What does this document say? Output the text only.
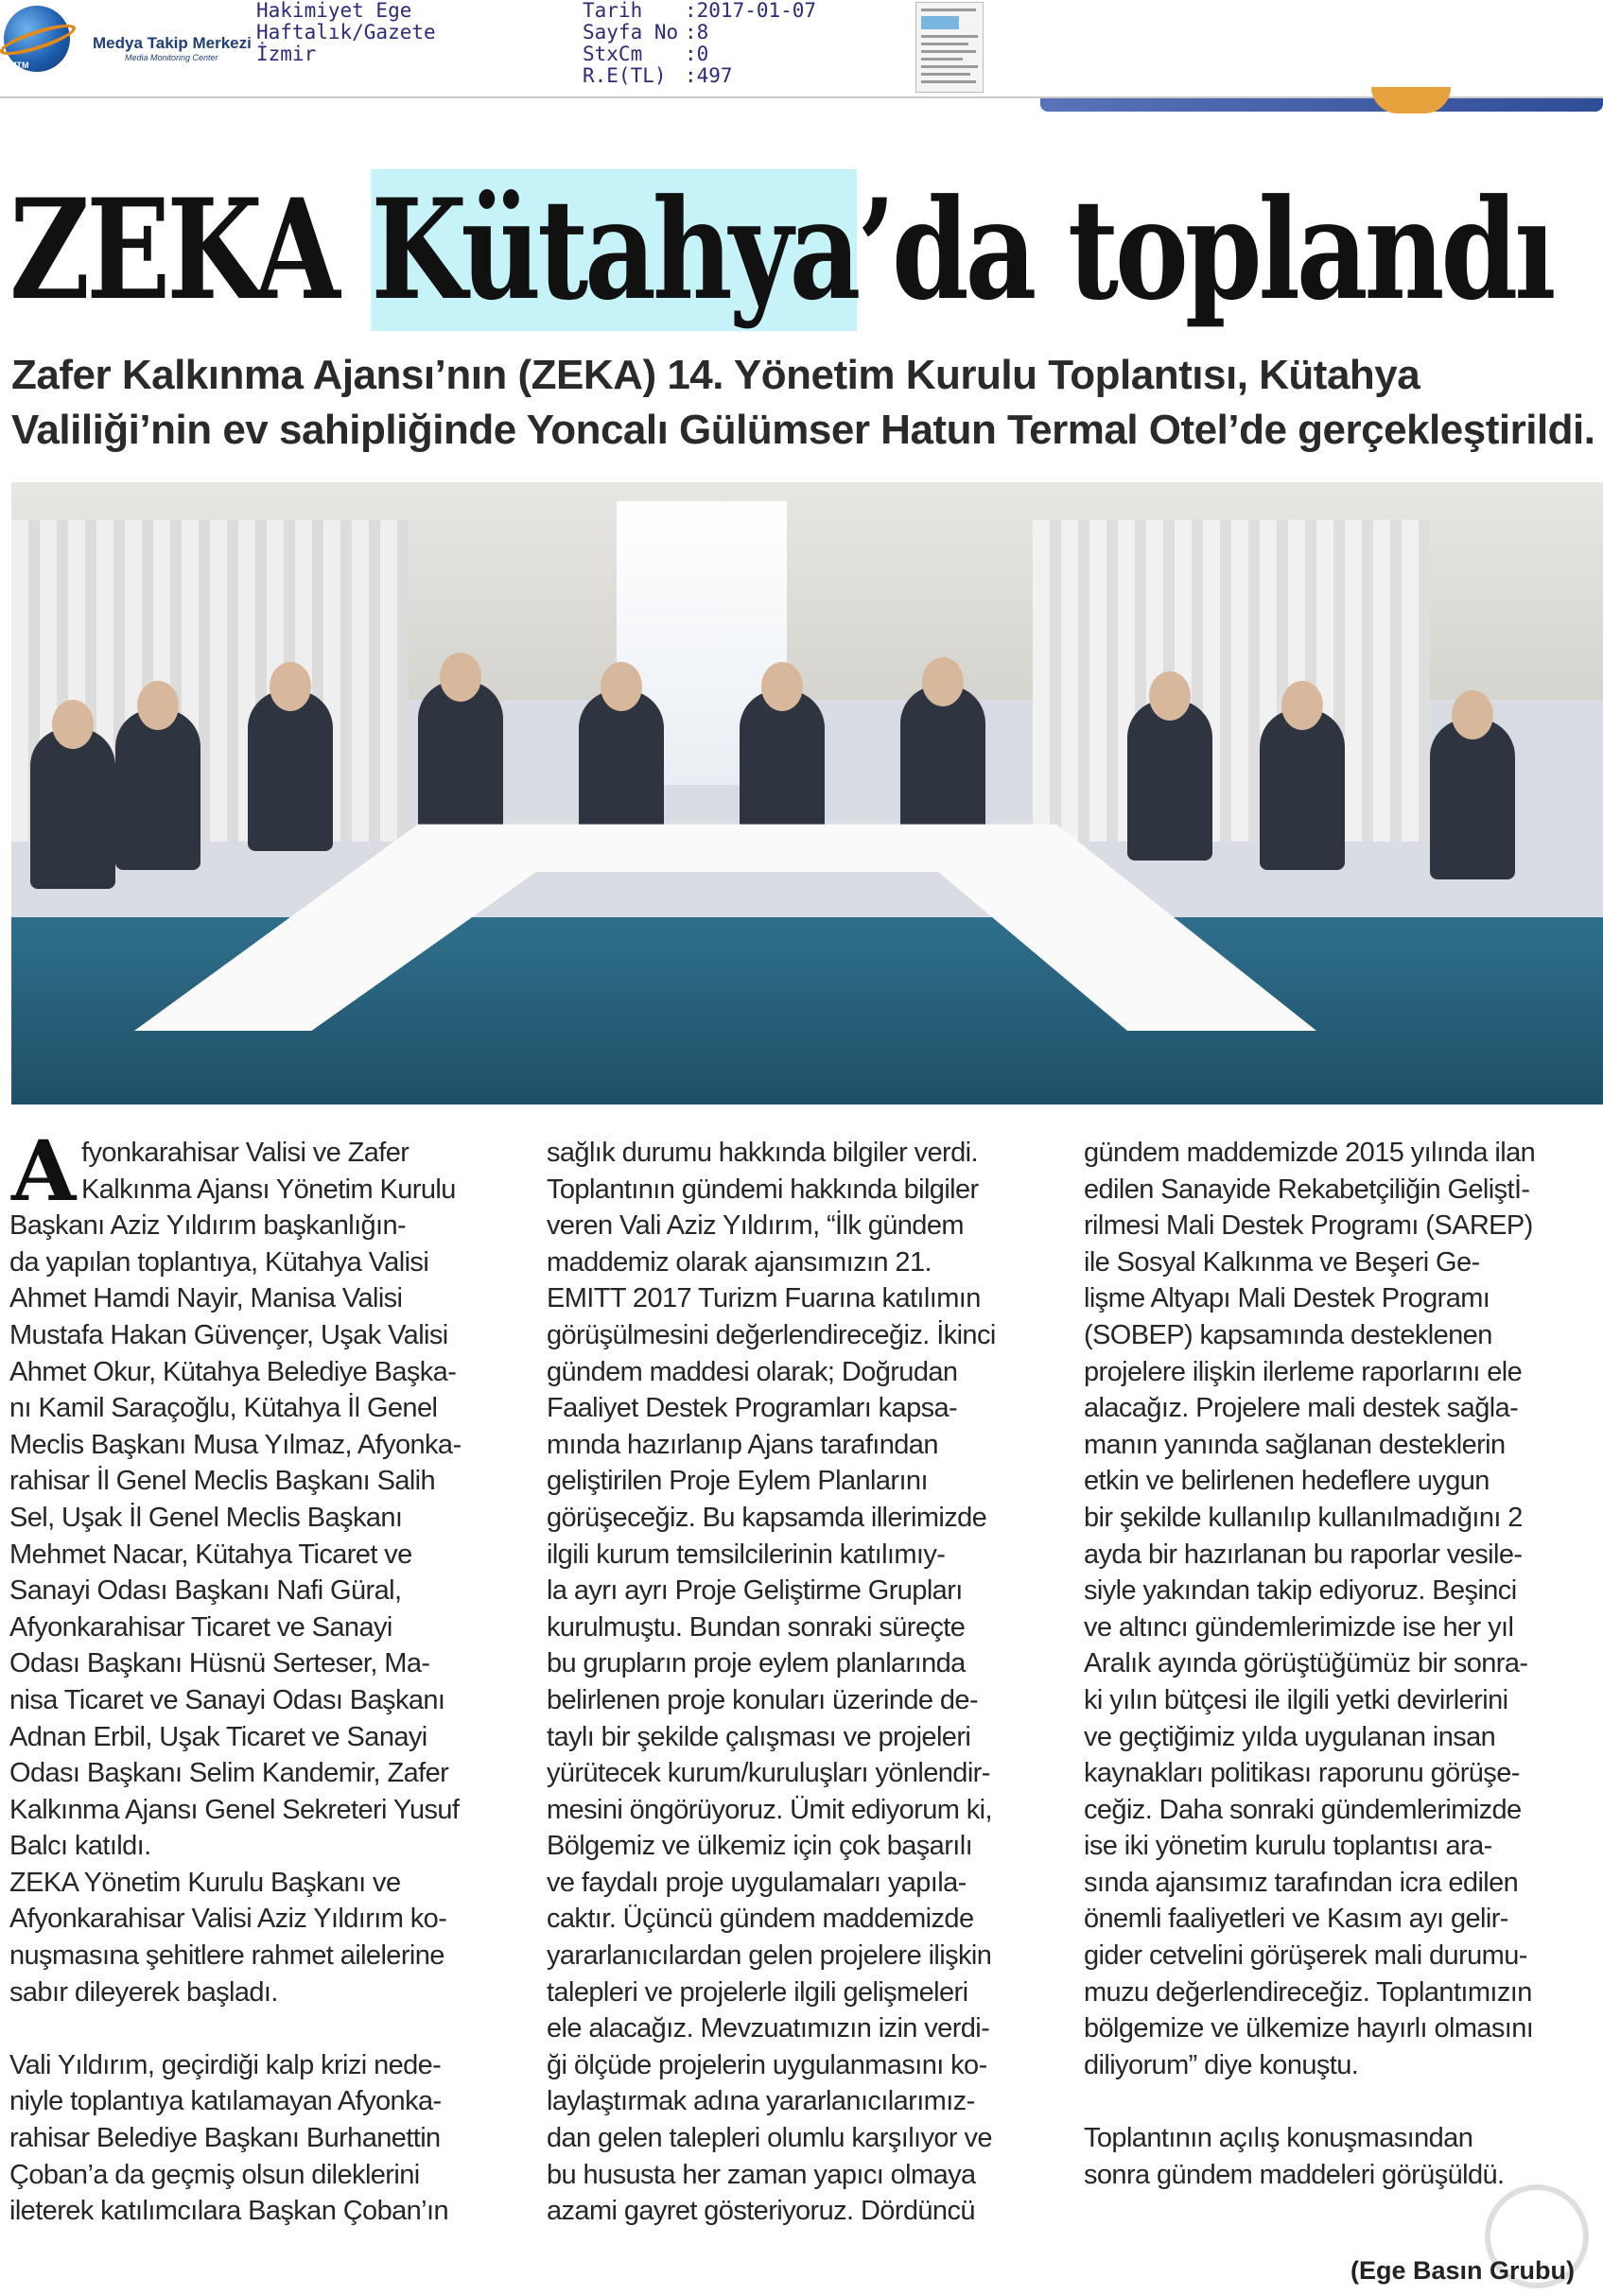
MTM
Medya Takip Merkezi
Media Monitoring Center
Hakimiyet Ege
Haftalık/Gazete
İzmir
Tarih	:2017-01-07
Sayfa No :8
StxCm	:0
R.E(TL) :497
ZEKA Kütahya’da toplandı
Zafer Kalkınma Ajansı’nın (ZEKA) 14. Yönetim Kurulu Toplantısı, Kütahya
Valiliği’nin ev sahipliğinde Yoncalı Gülümser Hatun Termal Otel’de gerçekleştirildi.
A fyonkarahisar Valisi ve Zafer
Kalkınma Ajansı Yönetim Kurulu
Başkanı Aziz Yıldırım başkanlığın-
da yapılan toplantıya, Kütahya Valisi
Ahmet Hamdi Nayir, Manisa Valisi
Mustafa Hakan Güvençer, Uşak Valisi
Ahmet Okur, Kütahya Belediye Başka-
nı Kamil Saraçoğlu, Kütahya İl Genel
Meclis Başkanı Musa Yılmaz, Afyonka-
rahisar İl Genel Meclis Başkanı Salih
Sel, Uşak İl Genel Meclis Başkanı
Mehmet Nacar, Kütahya Ticaret ve
Sanayi Odası Başkanı Nafi Güral,
Afyonkarahisar Ticaret ve Sanayi
Odası Başkanı Hüsnü Serteser, Ma-
nisa Ticaret ve Sanayi Odası Başkanı
Adnan Erbil, Uşak Ticaret ve Sanayi
Odası Başkanı Selim Kandemir, Zafer
Kalkınma Ajansı Genel Sekreteri Yusuf
Balcı katıldı.
ZEKA Yönetim Kurulu Başkanı ve
Afyonkarahisar Valisi Aziz Yıldırım ko-
nuşmasına şehitlere rahmet ailelerine
sabır dileyerek başladı.
Vali Yıldırım, geçirdiği kalp krizi nede-
niyle toplantıya katılamayan Afyonka-
rahisar Belediye Başkanı Burhanettin
Çoban’a da geçmiş olsun dileklerini
ileterek katılımcılara Başkan Çoban’ın
sağlık durumu hakkında bilgiler verdi.
Toplantının gündemi hakkında bilgiler
veren Vali Aziz Yıldırım, “İlk gündem
maddemiz olarak ajansımızın 21.
EMITT 2017 Turizm Fuarına katılımın
görüşülmesini değerlendireceğiz. İkinci
gündem maddesi olarak; Doğrudan
Faaliyet Destek Programları kapsa-
mında hazırlanıp Ajans tarafından
geliştirilen Proje Eylem Planlarını
görüşeceğiz. Bu kapsamda illerimizde
ilgili kurum temsilcilerinin katılımıy-
la ayrı ayrı Proje Geliştirme Grupları
kurulmuştu. Bundan sonraki süreçte
bu grupların proje eylem planlarında
belirlenen proje konuları üzerinde de-
taylı bir şekilde çalışması ve projeleri
yürütecek kurum/kuruluşları yönlendir-
mesini öngörüyoruz. Ümit ediyorum ki,
Bölgemiz ve ülkemiz için çok başarılı
ve faydalı proje uygulamaları yapıla-
caktır. Üçüncü gündem maddemizde
yararlanıcılardan gelen projelere ilişkin
talepleri ve projelerle ilgili gelişmeleri
ele alacağız. Mevzuatımızın izin verdi-
ği ölçüde projelerin uygulanmasını ko-
laylaştırmak adına yararlanıcılarımız-
dan gelen talepleri olumlu karşılıyor ve
bu hususta her zaman yapıcı olmaya
azami gayret gösteriyoruz. Dördüncü
gündem maddemizde 2015 yılında ilan
edilen Sanayide Rekabetçiliğin Geliştİ-
rilmesi Mali Destek Programı (SAREP)
ile Sosyal Kalkınma ve Beşeri Ge-
lişme Altyapı Mali Destek Programı
(SOBEP) kapsamında desteklenen
projelere ilişkin ilerleme raporlarını ele
alacağız. Projelere mali destek sağla-
manın yanında sağlanan desteklerin
etkin ve belirlenen hedeflere uygun
bir şekilde kullanılıp kullanılmadığını 2
ayda bir hazırlanan bu raporlar vesile-
siyle yakından takip ediyoruz. Beşinci
ve altıncı gündemlerimizde ise her yıl
Aralık ayında görüştüğümüz bir sonra-
ki yılın bütçesi ile ilgili yetki devirlerini
ve geçtiğimiz yılda uygulanan insan
kaynakları politikası raporunu görüşe-
ceğiz. Daha sonraki gündemlerimizde
ise iki yönetim kurulu toplantısı ara-
sında ajansımız tarafından icra edilen
önemli faaliyetleri ve Kasım ayı gelir-
gider cetvelini görüşerek mali durumu-
muzu değerlendireceğiz. Toplantımızın
bölgemize ve ülkemize hayırlı olmasını
diliyorum” diye konuştu.
Toplantının açılış konuşmasından
sonra gündem maddeleri görüşüldü.
(Ege Basın Grubu)
